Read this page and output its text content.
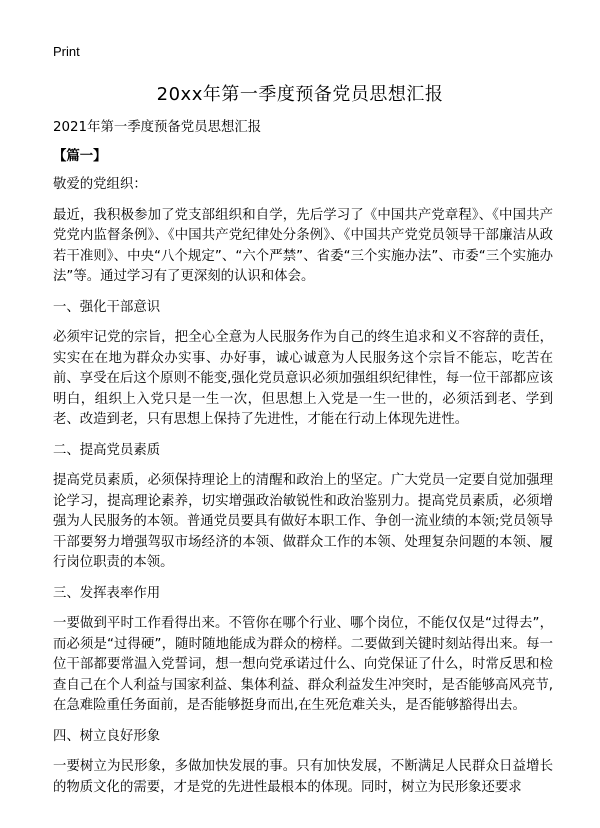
Print
20xx年第一季度预备党员思想汇报

2021年第一季度预备党员思想汇报

【篇一】

敬爱的党组织：

最近，我积极参加了党支部组织和自学，先后学习了《中国共产党章程》、《中国共产党党内监督条例》、《中国共产党纪律处分条例》、《中国共产党党员领导干部廉洁从政若干准则》、中央“八个规定”、“六个严禁”、省委“三个实施办法”、市委“三个实施办法”等。通过学习有了更深刻的认识和体会。

一、强化干部意识

必须牢记党的宗旨，把全心全意为人民服务作为自己的终生追求和义不容辞的责任，实实在在地为群众办实事、办好事，诚心诚意为人民服务这个宗旨不能忘，吃苦在前、享受在后这个原则不能变,强化党员意识必须加强组织纪律性，每一位干部都应该明白，组织上入党只是一生一次，但思想上入党是一生一世的，必须活到老、学到老、改造到老，只有思想上保持了先进性，才能在行动上体现先进性。

二、提高党员素质

提高党员素质，必须保持理论上的清醒和政治上的坚定。广大党员一定要自觉加强理论学习，提高理论素养，切实增强政治敏锐性和政治鉴别力。提高党员素质，必须增强为人民服务的本领。普通党员要具有做好本职工作、争创一流业绩的本领;党员领导干部要努力增强驾驭市场经济的本领、做群众工作的本领、处理复杂问题的本领、履行岗位职责的本领。

三、发挥表率作用

一要做到平时工作看得出来。不管你在哪个行业、哪个岗位，不能仅仅是“过得去”，而必须是“过得硬”，随时随地能成为群众的榜样。二要做到关键时刻站得出来。每一位干部都要常温入党誓词，想一想向党承诺过什么、向党保证了什么，时常反思和检查自己在个人利益与国家利益、集体利益、群众利益发生冲突时，是否能够高风亮节,在急难险重任务面前，是否能够挺身而出,在生死危难关头，是否能够豁得出去。

四、树立良好形象

一要树立为民形象，多做加快发展的事。只有加快发展，不断满足人民群众日益增长的物质文化的需要，才是党的先进性最根本的体现。同时，树立为民形象还要求
